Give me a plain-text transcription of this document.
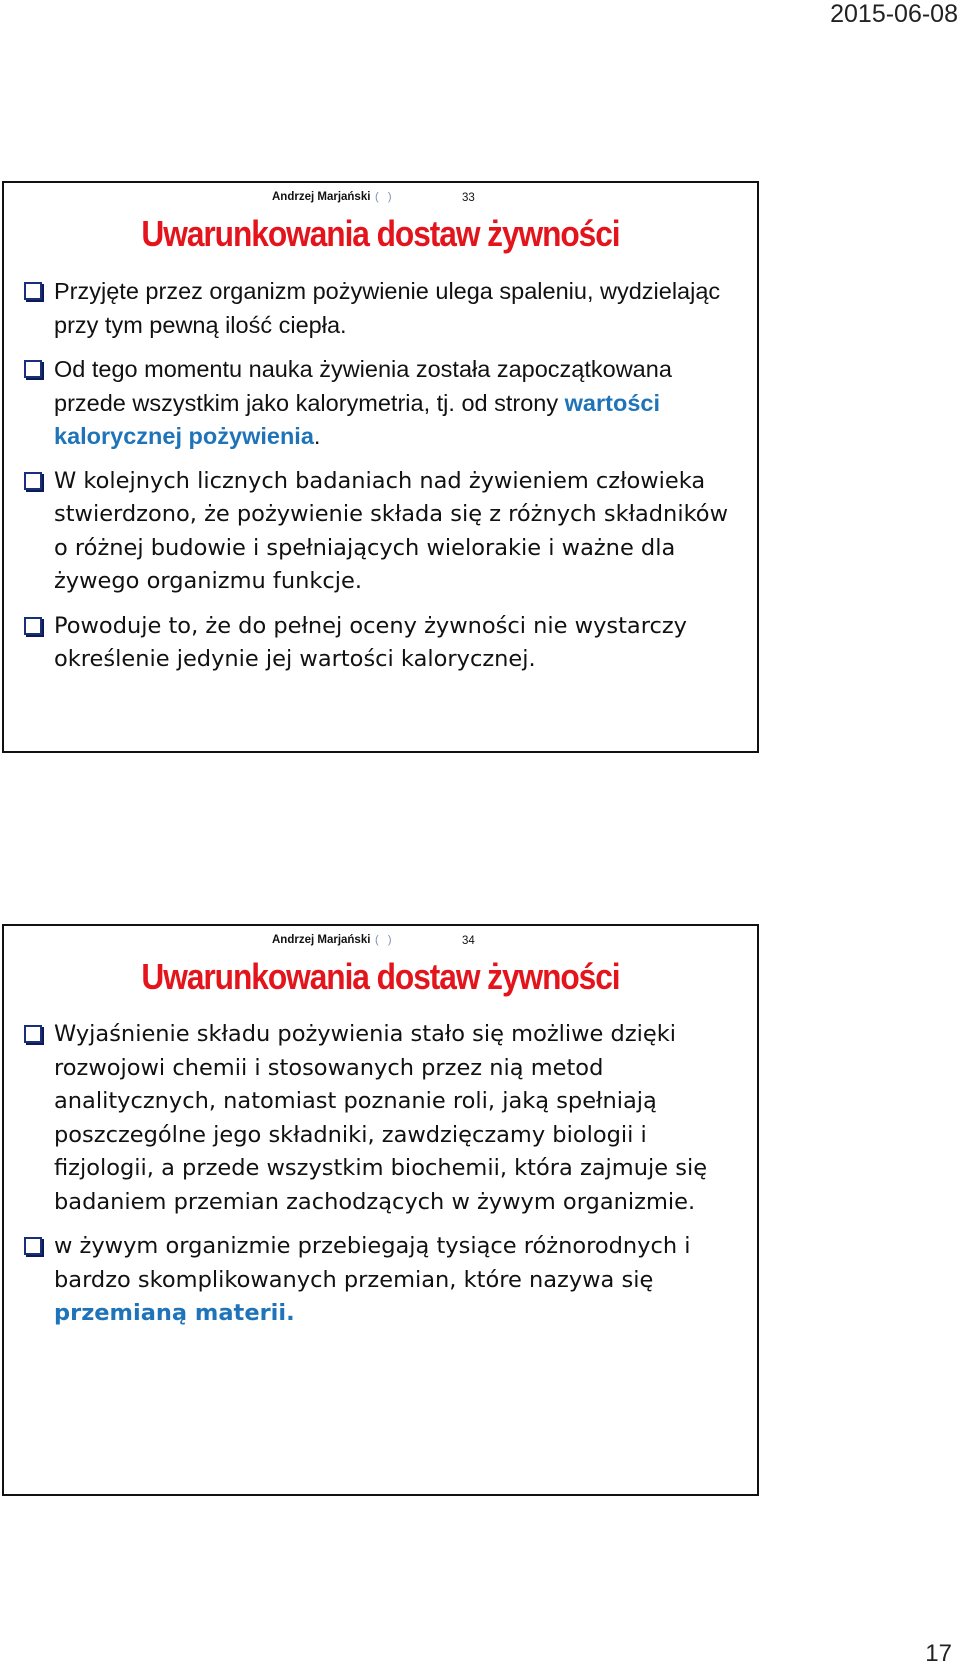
2015-06-08
Andrzej Marjański (   )	33
Uwarunkowania dostaw żywności
Przyjęte przez organizm pożywienie ulega spaleniu, wydzielając przy tym pewną ilość ciepła.
Od tego momentu nauka żywienia została zapoczątkowana przede wszystkim jako kalorymetria, tj. od strony wartości kalorycznej pożywienia.
W kolejnych licznych badaniach nad żywieniem człowieka stwierdzono, że pożywienie składa się z różnych składników o różnej budowie i spełniających wielorakie i ważne dla żywego organizmu funkcje.
Powoduje to, że do pełnej oceny żywności nie wystarczy określenie jedynie jej wartości kalorycznej.
Andrzej Marjański (   )	34
Uwarunkowania dostaw żywności
Wyjaśnienie składu pożywienia stało się możliwe dzięki rozwojowi chemii i stosowanych przez nią metod analitycznych, natomiast poznanie roli, jaką spełniają poszczególne jego składniki, zawdzięczamy biologii i fizjologii, a przede wszystkim biochemii, która zajmuje się badaniem przemian zachodzących w żywym organizmie.
w żywym organizmie przebiegają tysiące różnorodnych i bardzo skomplikowanych przemian, które nazywa się przemianą materii.
17
